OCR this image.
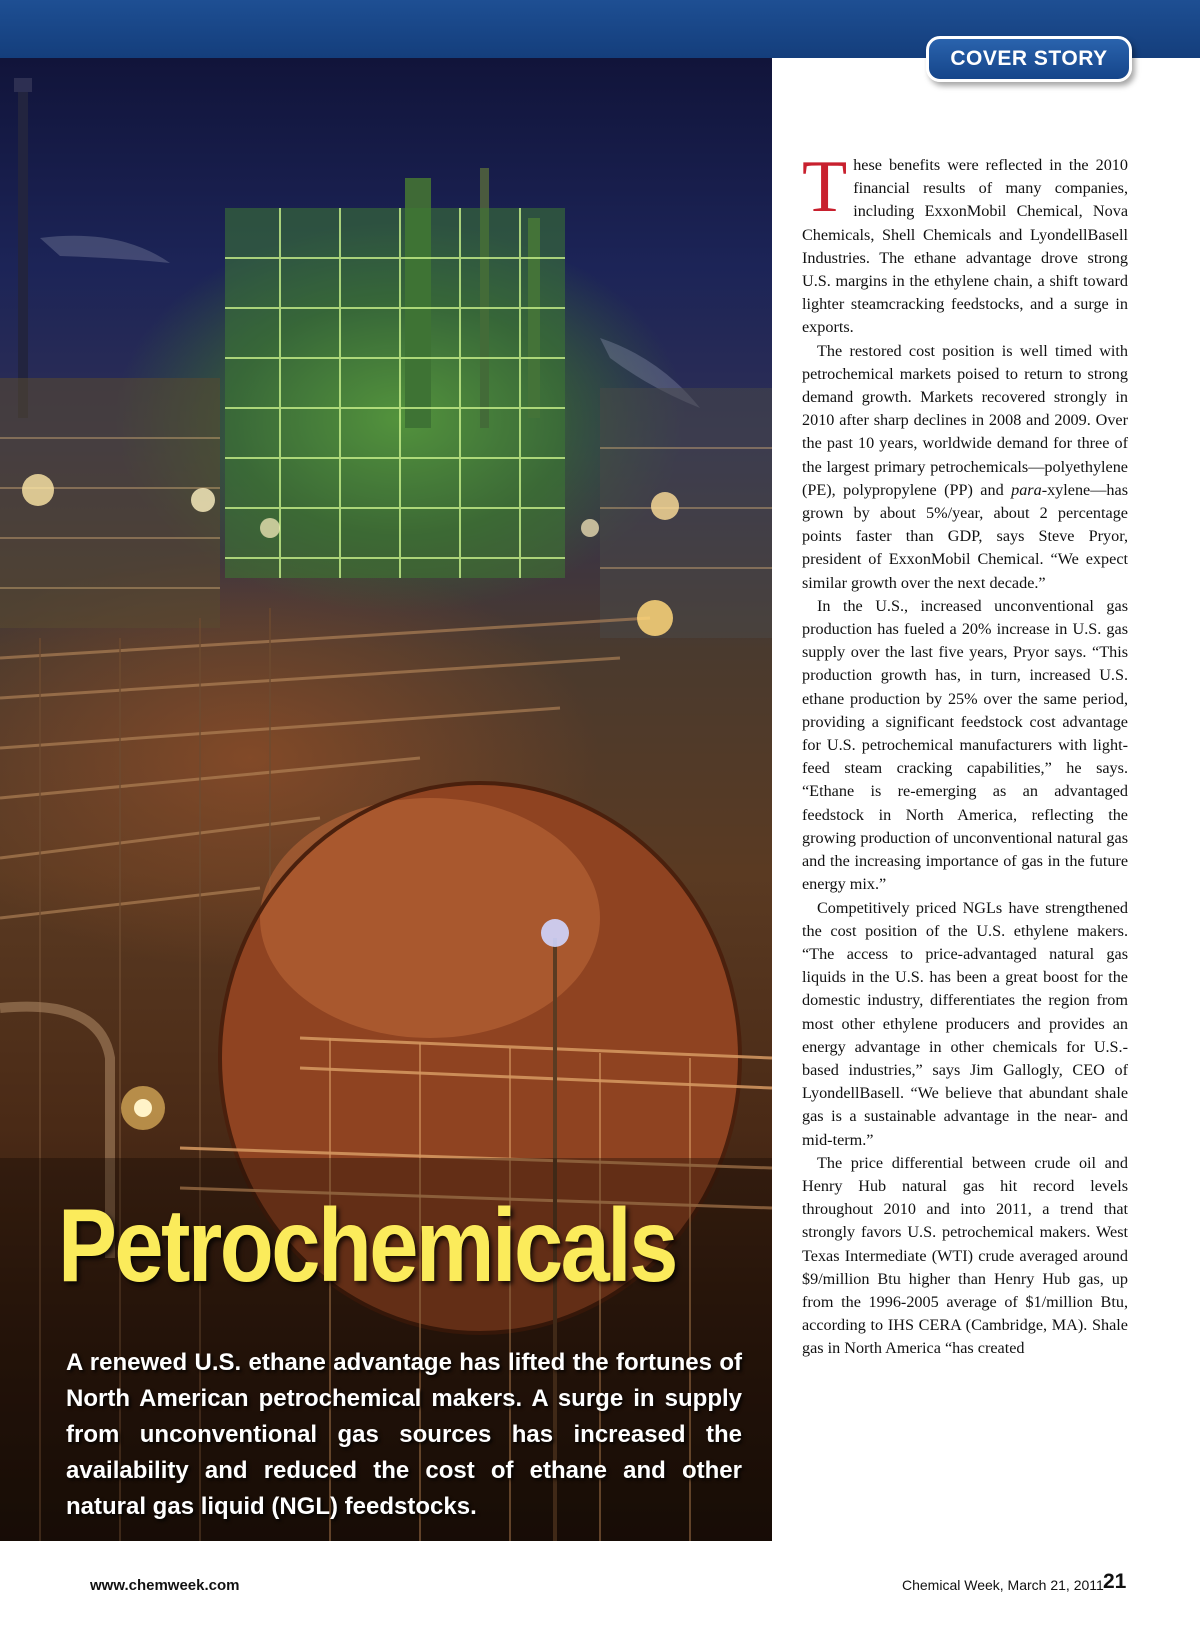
COVER STORY
Petrochemicals

A renewed U.S. ethane advantage has lifted the fortunes of North American petrochemical makers. A surge in supply from unconventional gas sources has increased the availability and reduced the cost of ethane and other natural gas liquid (NGL) feedstocks.

These benefits were reflected in the 2010 financial results of many companies, including ExxonMobil Chemical, Nova Chemicals, Shell Chemicals and LyondellBasell Industries. The ethane advantage drove strong U.S. margins in the ethylene chain, a shift toward lighter steamcracking feedstocks, and a surge in exports.

The restored cost position is well timed with petrochemical markets poised to return to strong demand growth. Markets recovered strongly in 2010 after sharp declines in 2008 and 2009. Over the past 10 years, worldwide demand for three of the largest primary petrochemicals—polyethylene (PE), polypropylene (PP) and para-xylene—has grown by about 5%/year, about 2 percentage points faster than GDP, says Steve Pryor, president of ExxonMobil Chemical. “We expect similar growth over the next decade.”

In the U.S., increased unconventional gas production has fueled a 20% increase in U.S. gas supply over the last five years, Pryor says. “This production growth has, in turn, increased U.S. ethane production by 25% over the same period, providing a significant feedstock cost advantage for U.S. petrochemical manufacturers with light-feed steam cracking capabilities,” he says. “Ethane is re-emerging as an advantaged feedstock in North America, reflecting the growing production of unconventional natural gas and the increasing importance of gas in the future energy mix.”

Competitively priced NGLs have strengthened the cost position of the U.S. ethylene makers. “The access to price-advantaged natural gas liquids in the U.S. has been a great boost for the domestic industry, differentiates the region from most other ethylene producers and provides an energy advantage in other chemicals for U.S.-based industries,” says Jim Gallogly, CEO of LyondellBasell. “We believe that abundant shale gas is a sustainable advantage in the near- and mid-term.”

The price differential between crude oil and Henry Hub natural gas hit record levels throughout 2010 and into 2011, a trend that strongly favors U.S. petrochemical makers. West Texas Intermediate (WTI) crude averaged around $9/million Btu higher than Henry Hub gas, up from the 1996-2005 average of $1/million Btu, according to IHS CERA (Cambridge, MA). Shale gas in North America “has created

www.chemweek.com	Chemical Week, March 21, 2011 21
